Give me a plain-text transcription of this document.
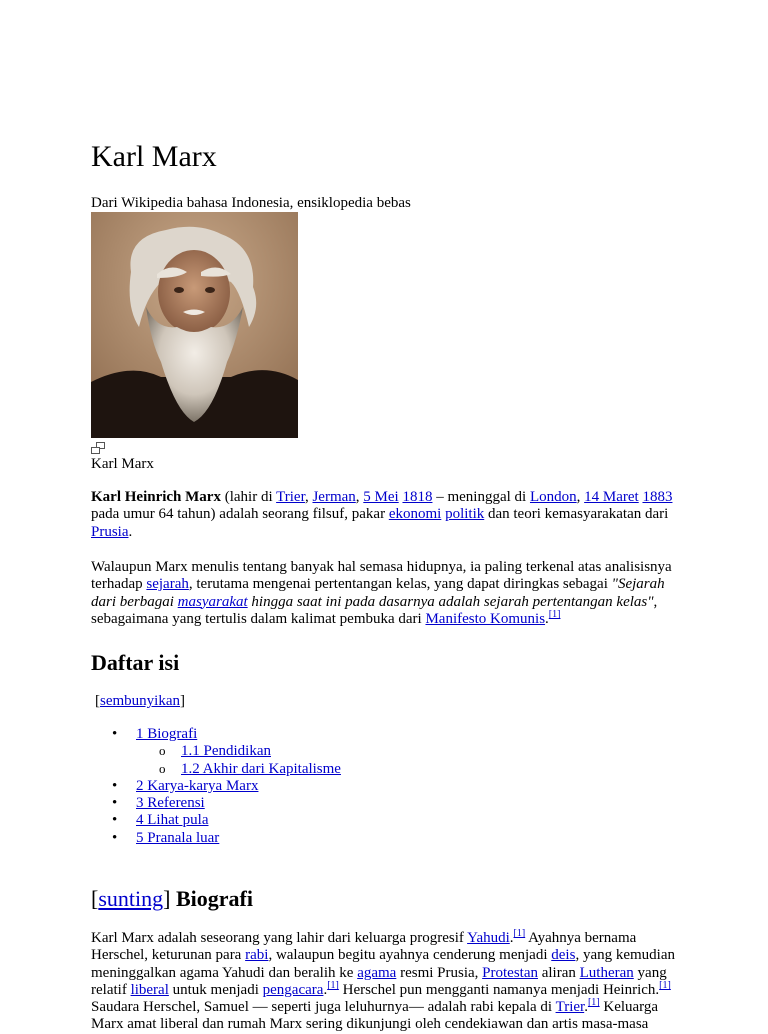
Karl Marx

Dari Wikipedia bahasa Indonesia, ensiklopedia bebas

Karl Marx

Karl Heinrich Marx (lahir di Trier, Jerman, 5 Mei 1818 – meninggal di London, 14 Maret 1883 pada umur 64 tahun) adalah seorang filsuf, pakar ekonomi politik dan teori kemasyarakatan dari Prusia.

Walaupun Marx menulis tentang banyak hal semasa hidupnya, ia paling terkenal atas analisisnya terhadap sejarah, terutama mengenai pertentangan kelas, yang dapat diringkas sebagai "Sejarah dari berbagai masyarakat hingga saat ini pada dasarnya adalah sejarah pertentangan kelas", sebagaimana yang tertulis dalam kalimat pembuka dari Manifesto Komunis.[1]

Daftar isi

[sembunyikan]

• 1 Biografi
o 1.1 Pendidikan
o 1.2 Akhir dari Kapitalisme
• 2 Karya-karya Marx
• 3 Referensi
• 4 Lihat pula
• 5 Pranala luar
[sunting] Biografi

Karl Marx adalah seseorang yang lahir dari keluarga progresif Yahudi.[1] Ayahnya bernama Herschel, keturunan para rabi, walaupun begitu ayahnya cenderung menjadi deis, yang kemudian meninggalkan agama Yahudi dan beralih ke agama resmi Prusia, Protestan aliran Lutheran yang relatif liberal untuk menjadi pengacara.[1] Herschel pun mengganti namanya menjadi Heinrich.[1] Saudara Herschel, Samuel — seperti juga leluhurnya— adalah rabi kepala di Trier.[1] Keluarga Marx amat liberal dan rumah Marx sering dikunjungi oleh cendekiawan dan artis masa-masa
